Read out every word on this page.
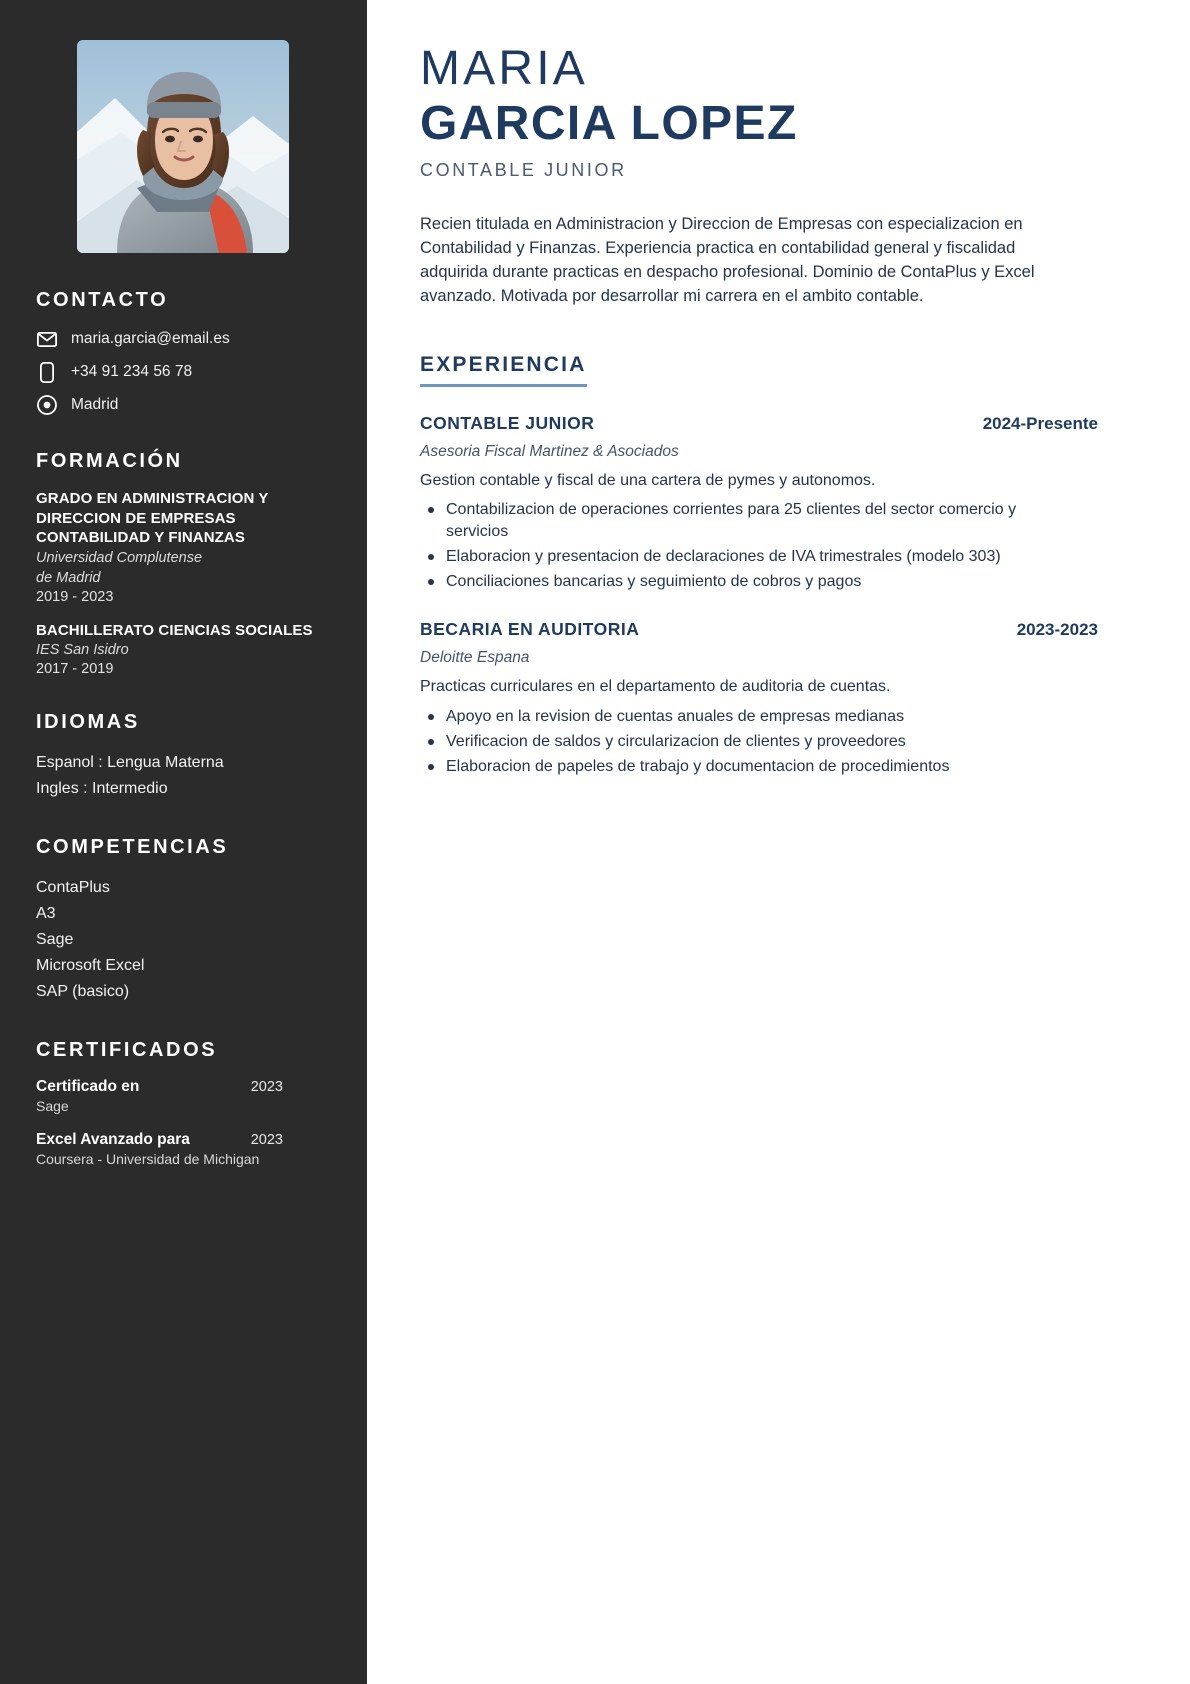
CONTACTO
maria.garcia@email.es
+34 91 234 56 78
Madrid
FORMACIÓN
GRADO EN ADMINISTRACION Y DIRECCION DE EMPRESAS CONTABILIDAD Y FINANZAS
Universidad Complutense
de Madrid
2019 - 2023
BACHILLERATO CIENCIAS SOCIALES
IES San Isidro
2017 - 2019
IDIOMAS
Espanol : Lengua Materna
Ingles : Intermedio
COMPETENCIAS
ContaPlus
A3
Sage
Microsoft Excel
SAP (basico)
CERTIFICADOS
Certificado en	2023
Sage
Excel Avanzado para	2023
Coursera - Universidad de Michigan
MARIA
GARCIA LOPEZ
CONTABLE JUNIOR

Recien titulada en Administracion y Direccion de Empresas con especializacion en Contabilidad y Finanzas. Experiencia practica en contabilidad general y fiscalidad adquirida durante practicas en despacho profesional. Dominio de ContaPlus y Excel avanzado. Motivada por desarrollar mi carrera en el ambito contable.

EXPERIENCIA
CONTABLE JUNIOR	2024-Presente
Asesoria Fiscal Martinez & Asociados
Gestion contable y fiscal de una cartera de pymes y autonomos.
Contabilizacion de operaciones corrientes para 25 clientes del sector comercio y servicios
Elaboracion y presentacion de declaraciones de IVA trimestrales (modelo 303)
Conciliaciones bancarias y seguimiento de cobros y pagos
BECARIA EN AUDITORIA	2023-2023
Deloitte Espana
Practicas curriculares en el departamento de auditoria de cuentas.
Apoyo en la revision de cuentas anuales de empresas medianas
Verificacion de saldos y circularizacion de clientes y proveedores
Elaboracion de papeles de trabajo y documentacion de procedimientos
